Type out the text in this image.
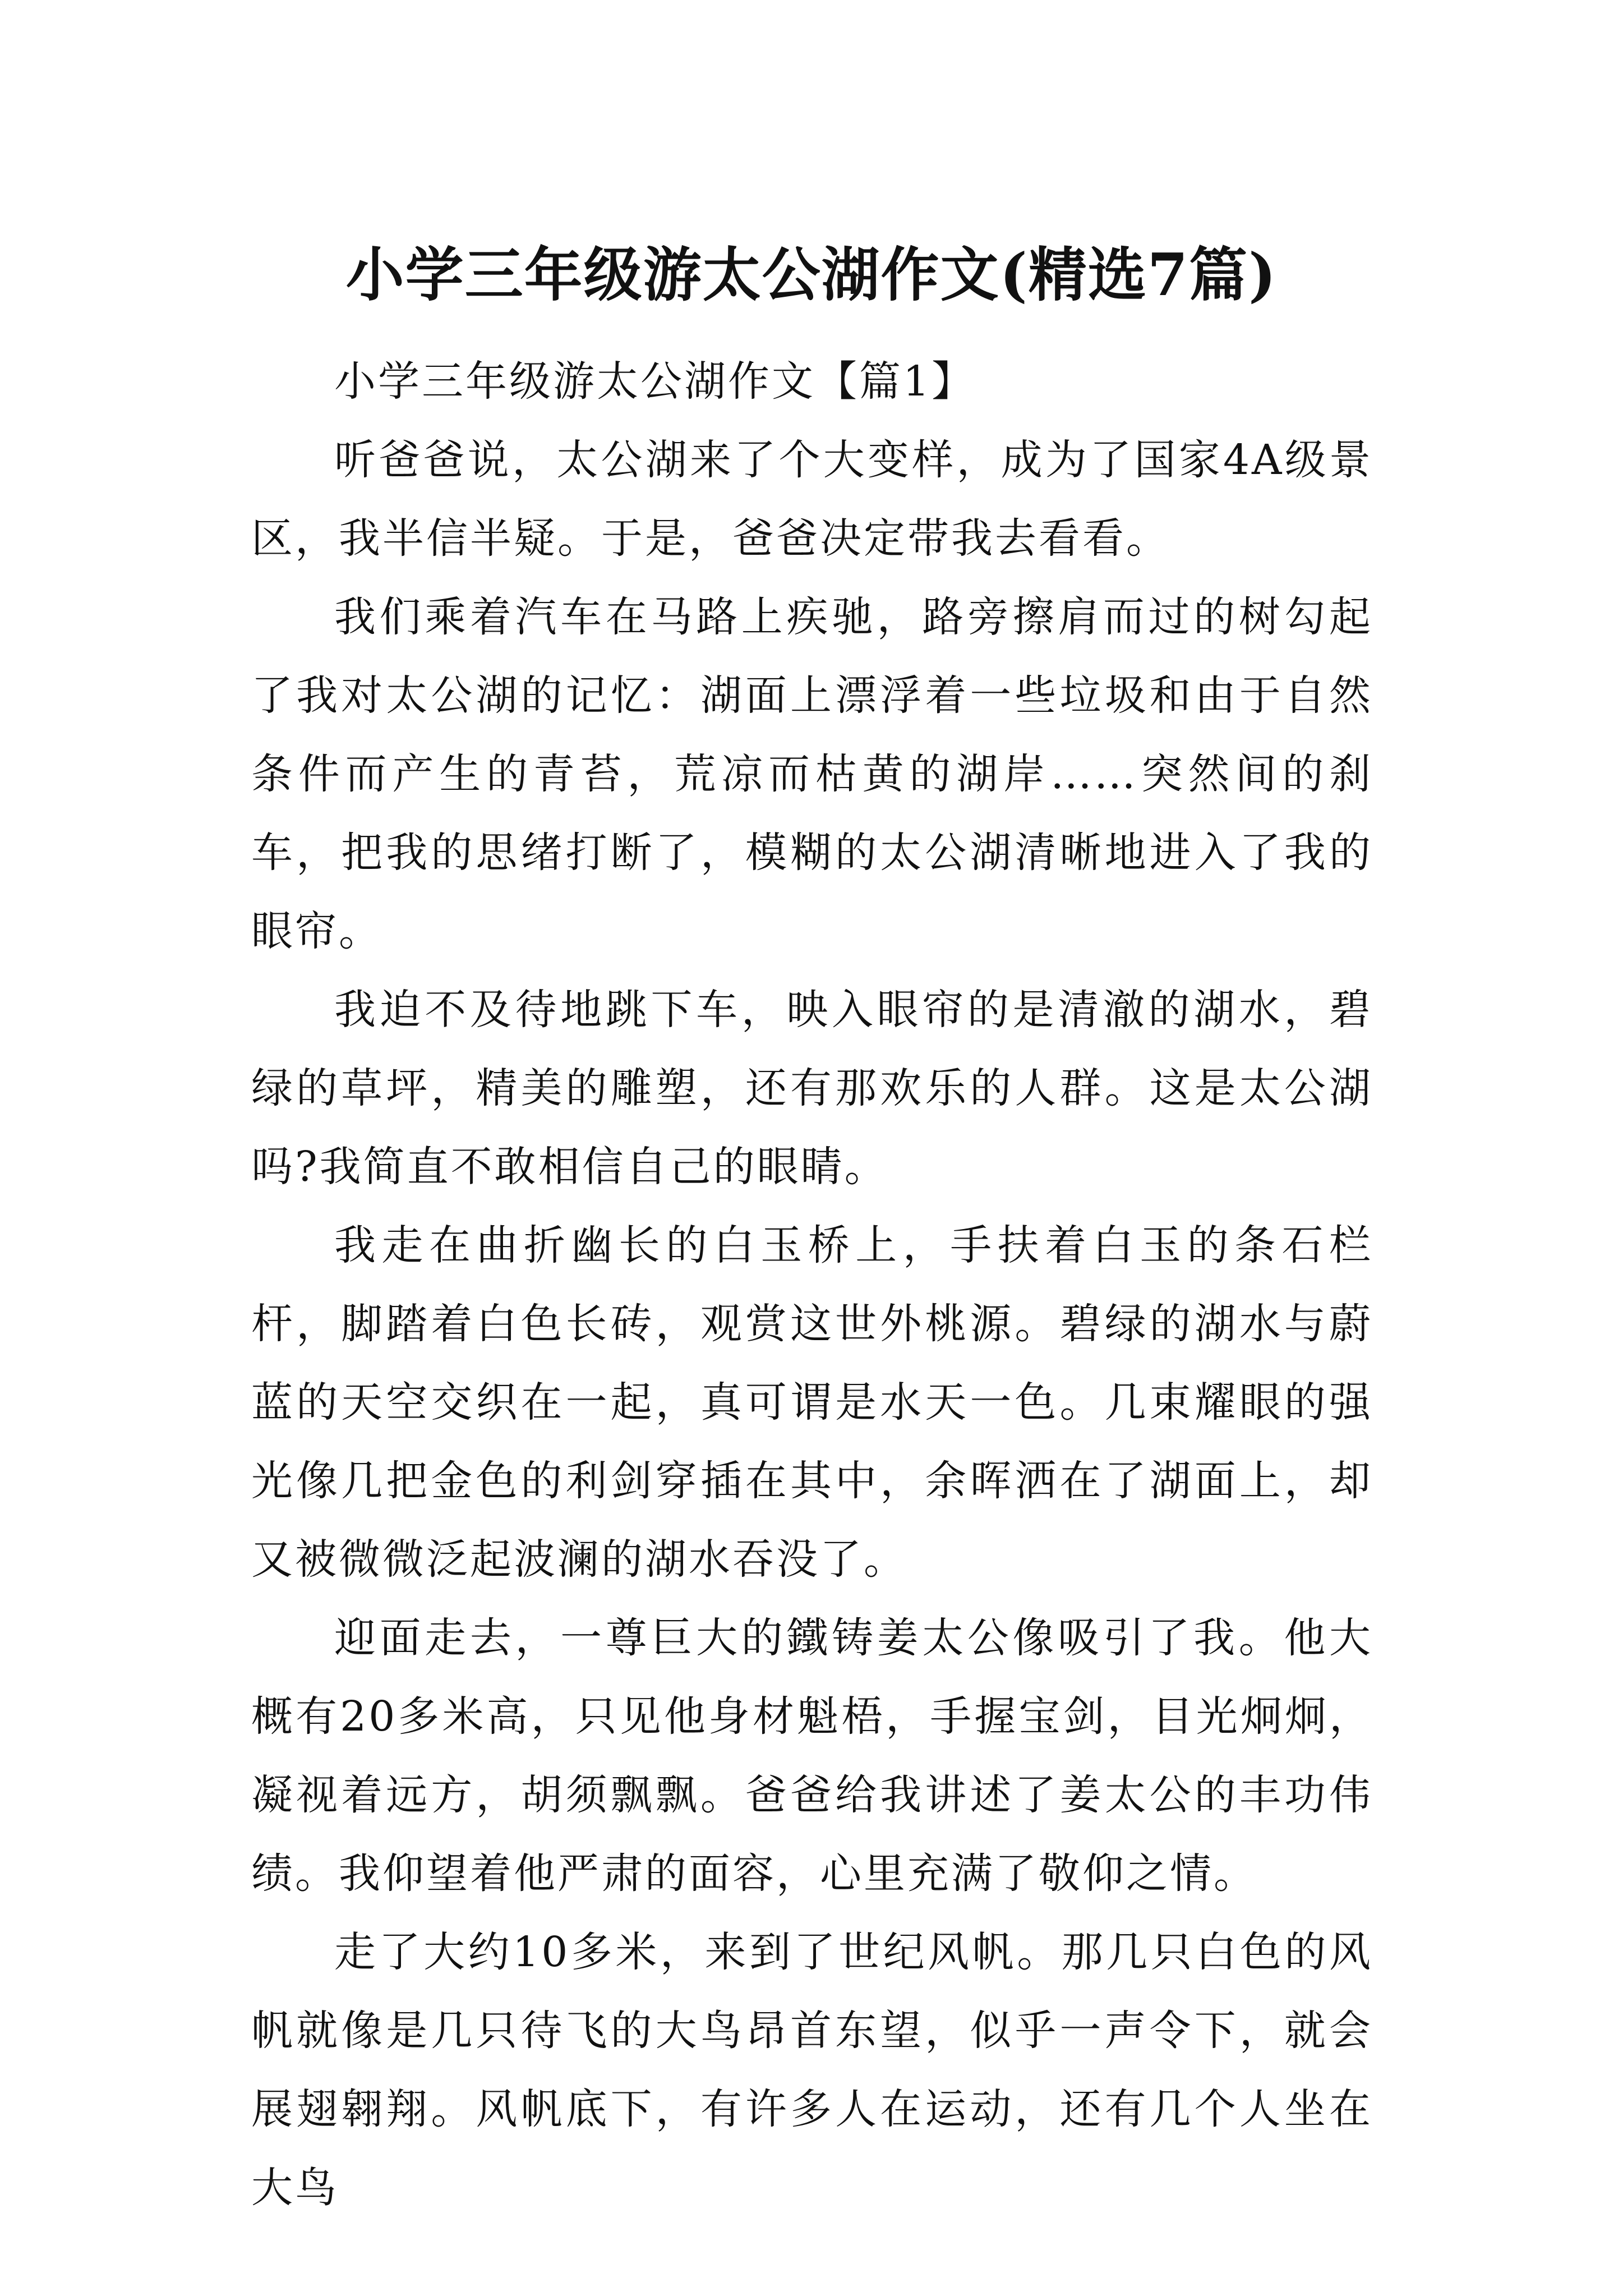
小学三年级游太公湖作文(精选7篇)
小学三年级游太公湖作文【篇1】

听爸爸说，太公湖来了个大变样，成为了国家4A级景区，我半信半疑。于是，爸爸决定带我去看看。

我们乘着汽车在马路上疾驰，路旁擦肩而过的树勾起了我对太公湖的记忆：湖面上漂浮着一些垃圾和由于自然条件而产生的青苔，荒凉而枯黄的湖岸……突然间的刹车，把我的思绪打断了，模糊的太公湖清晰地进入了我的眼帘。

我迫不及待地跳下车，映入眼帘的是清澈的湖水，碧绿的草坪，精美的雕塑，还有那欢乐的人群。这是太公湖吗?我简直不敢相信自己的眼睛。

我走在曲折幽长的白玉桥上，手扶着白玉的条石栏杆，脚踏着白色长砖，观赏这世外桃源。碧绿的湖水与蔚蓝的天空交织在一起，真可谓是水天一色。几束耀眼的强光像几把金色的利剑穿插在其中，余晖洒在了湖面上，却又被微微泛起波澜的湖水吞没了。

迎面走去，一尊巨大的鐵铸姜太公像吸引了我。他大概有20多米高，只见他身材魁梧，手握宝剑，目光炯炯，凝视着远方，胡须飘飘。爸爸给我讲述了姜太公的丰功伟绩。我仰望着他严肃的面容，心里充满了敬仰之情。

走了大约10多米，来到了世纪风帆。那几只白色的风帆就像是几只待飞的大鸟昂首东望，似乎一声令下，就会展翅翱翔。风帆底下，有许多人在运动，还有几个人坐在大鸟
